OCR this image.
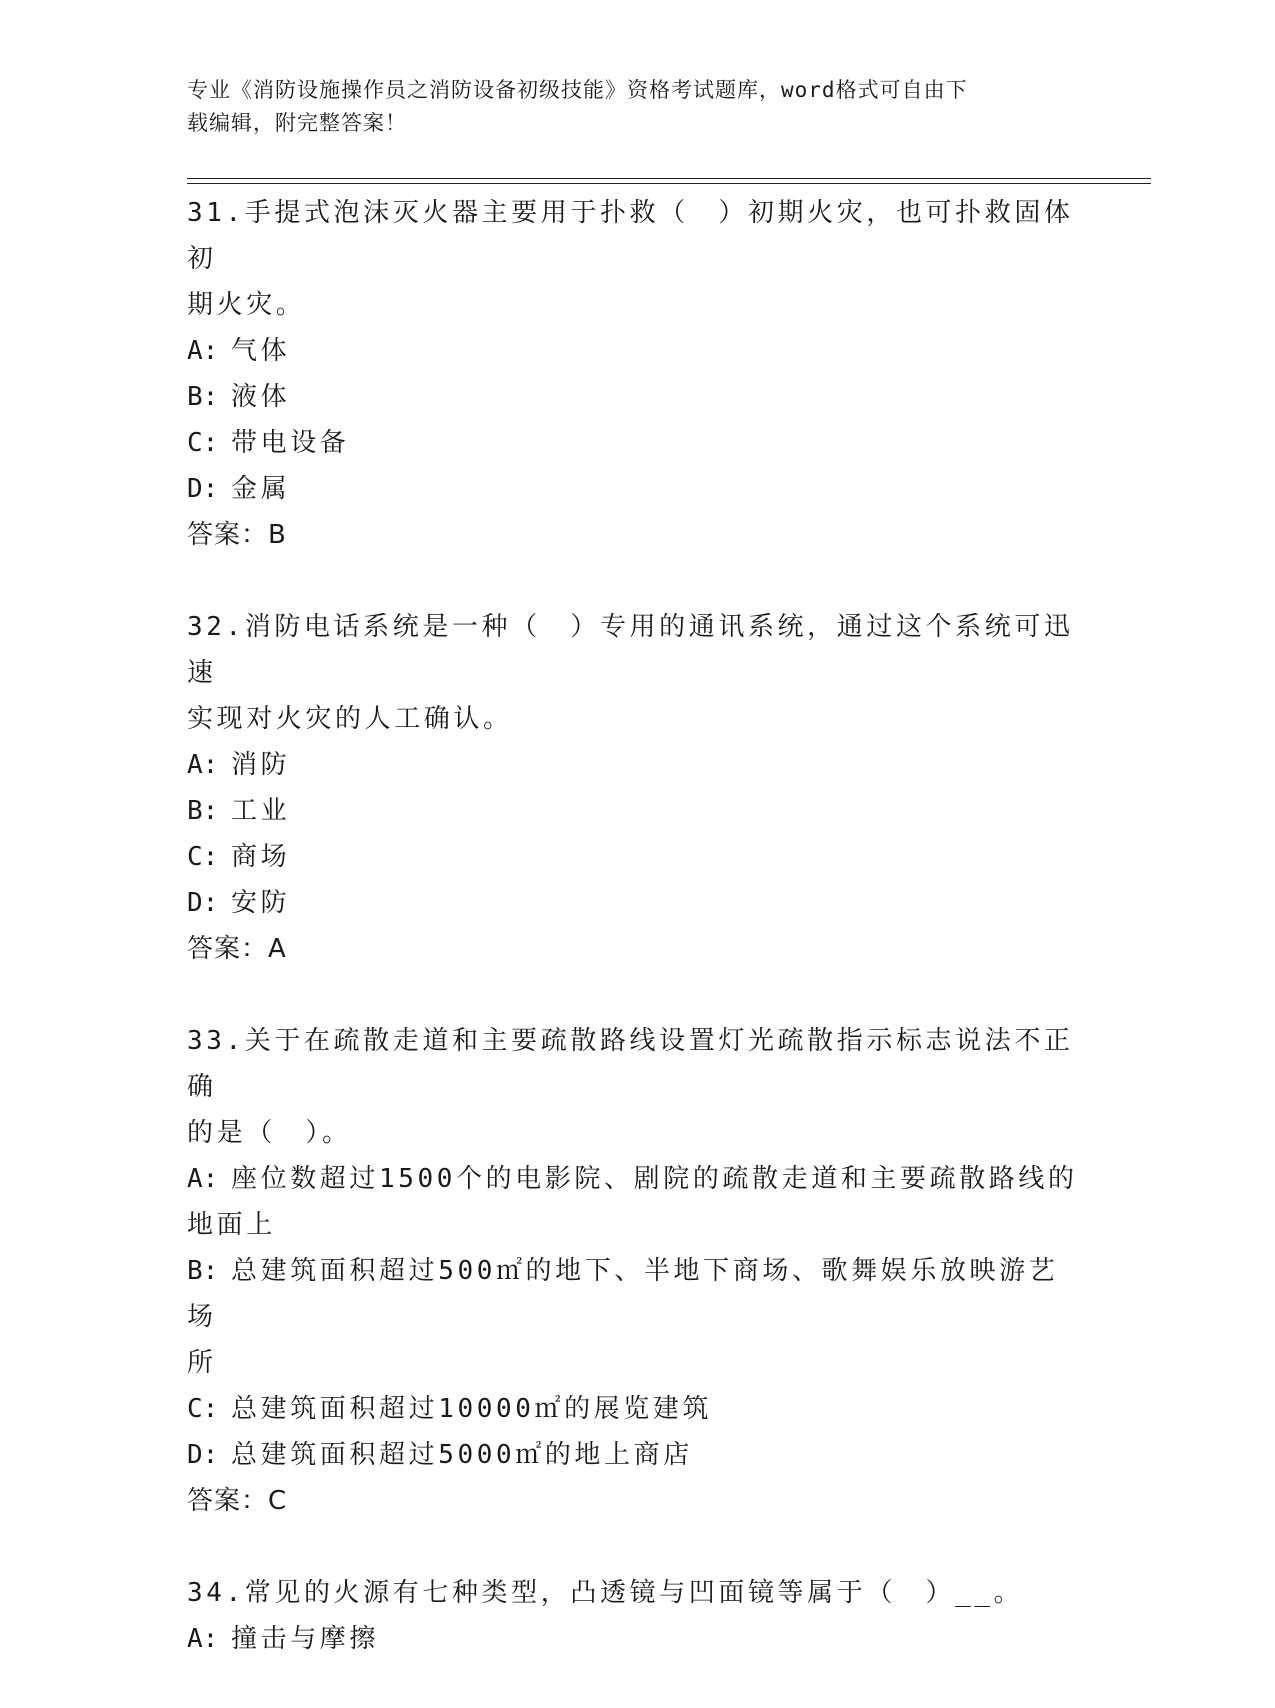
专业《消防设施操作员之消防设备初级技能》资格考试题库，word格式可自由下
载编辑，附完整答案！
31.手提式泡沫灭火器主要用于扑救（　）初期火灾，也可扑救固体初
期火灾。
A: 气体
B: 液体
C: 带电设备
D: 金属
答案：B
32.消防电话系统是一种（　）专用的通讯系统，通过这个系统可迅速
实现对火灾的人工确认。
A: 消防
B: 工业
C: 商场
D: 安防
答案：A
33.关于在疏散走道和主要疏散路线设置灯光疏散指示标志说法不正确
的是（　）。
A: 座位数超过1500个的电影院、剧院的疏散走道和主要疏散路线的
地面上
B: 总建筑面积超过500㎡的地下、半地下商场、歌舞娱乐放映游艺场
所
C: 总建筑面积超过10000㎡的展览建筑
D: 总建筑面积超过5000㎡的地上商店
答案：C
34.常见的火源有七种类型，凸透镜与凹面镜等属于（　）__。
A: 撞击与摩擦
